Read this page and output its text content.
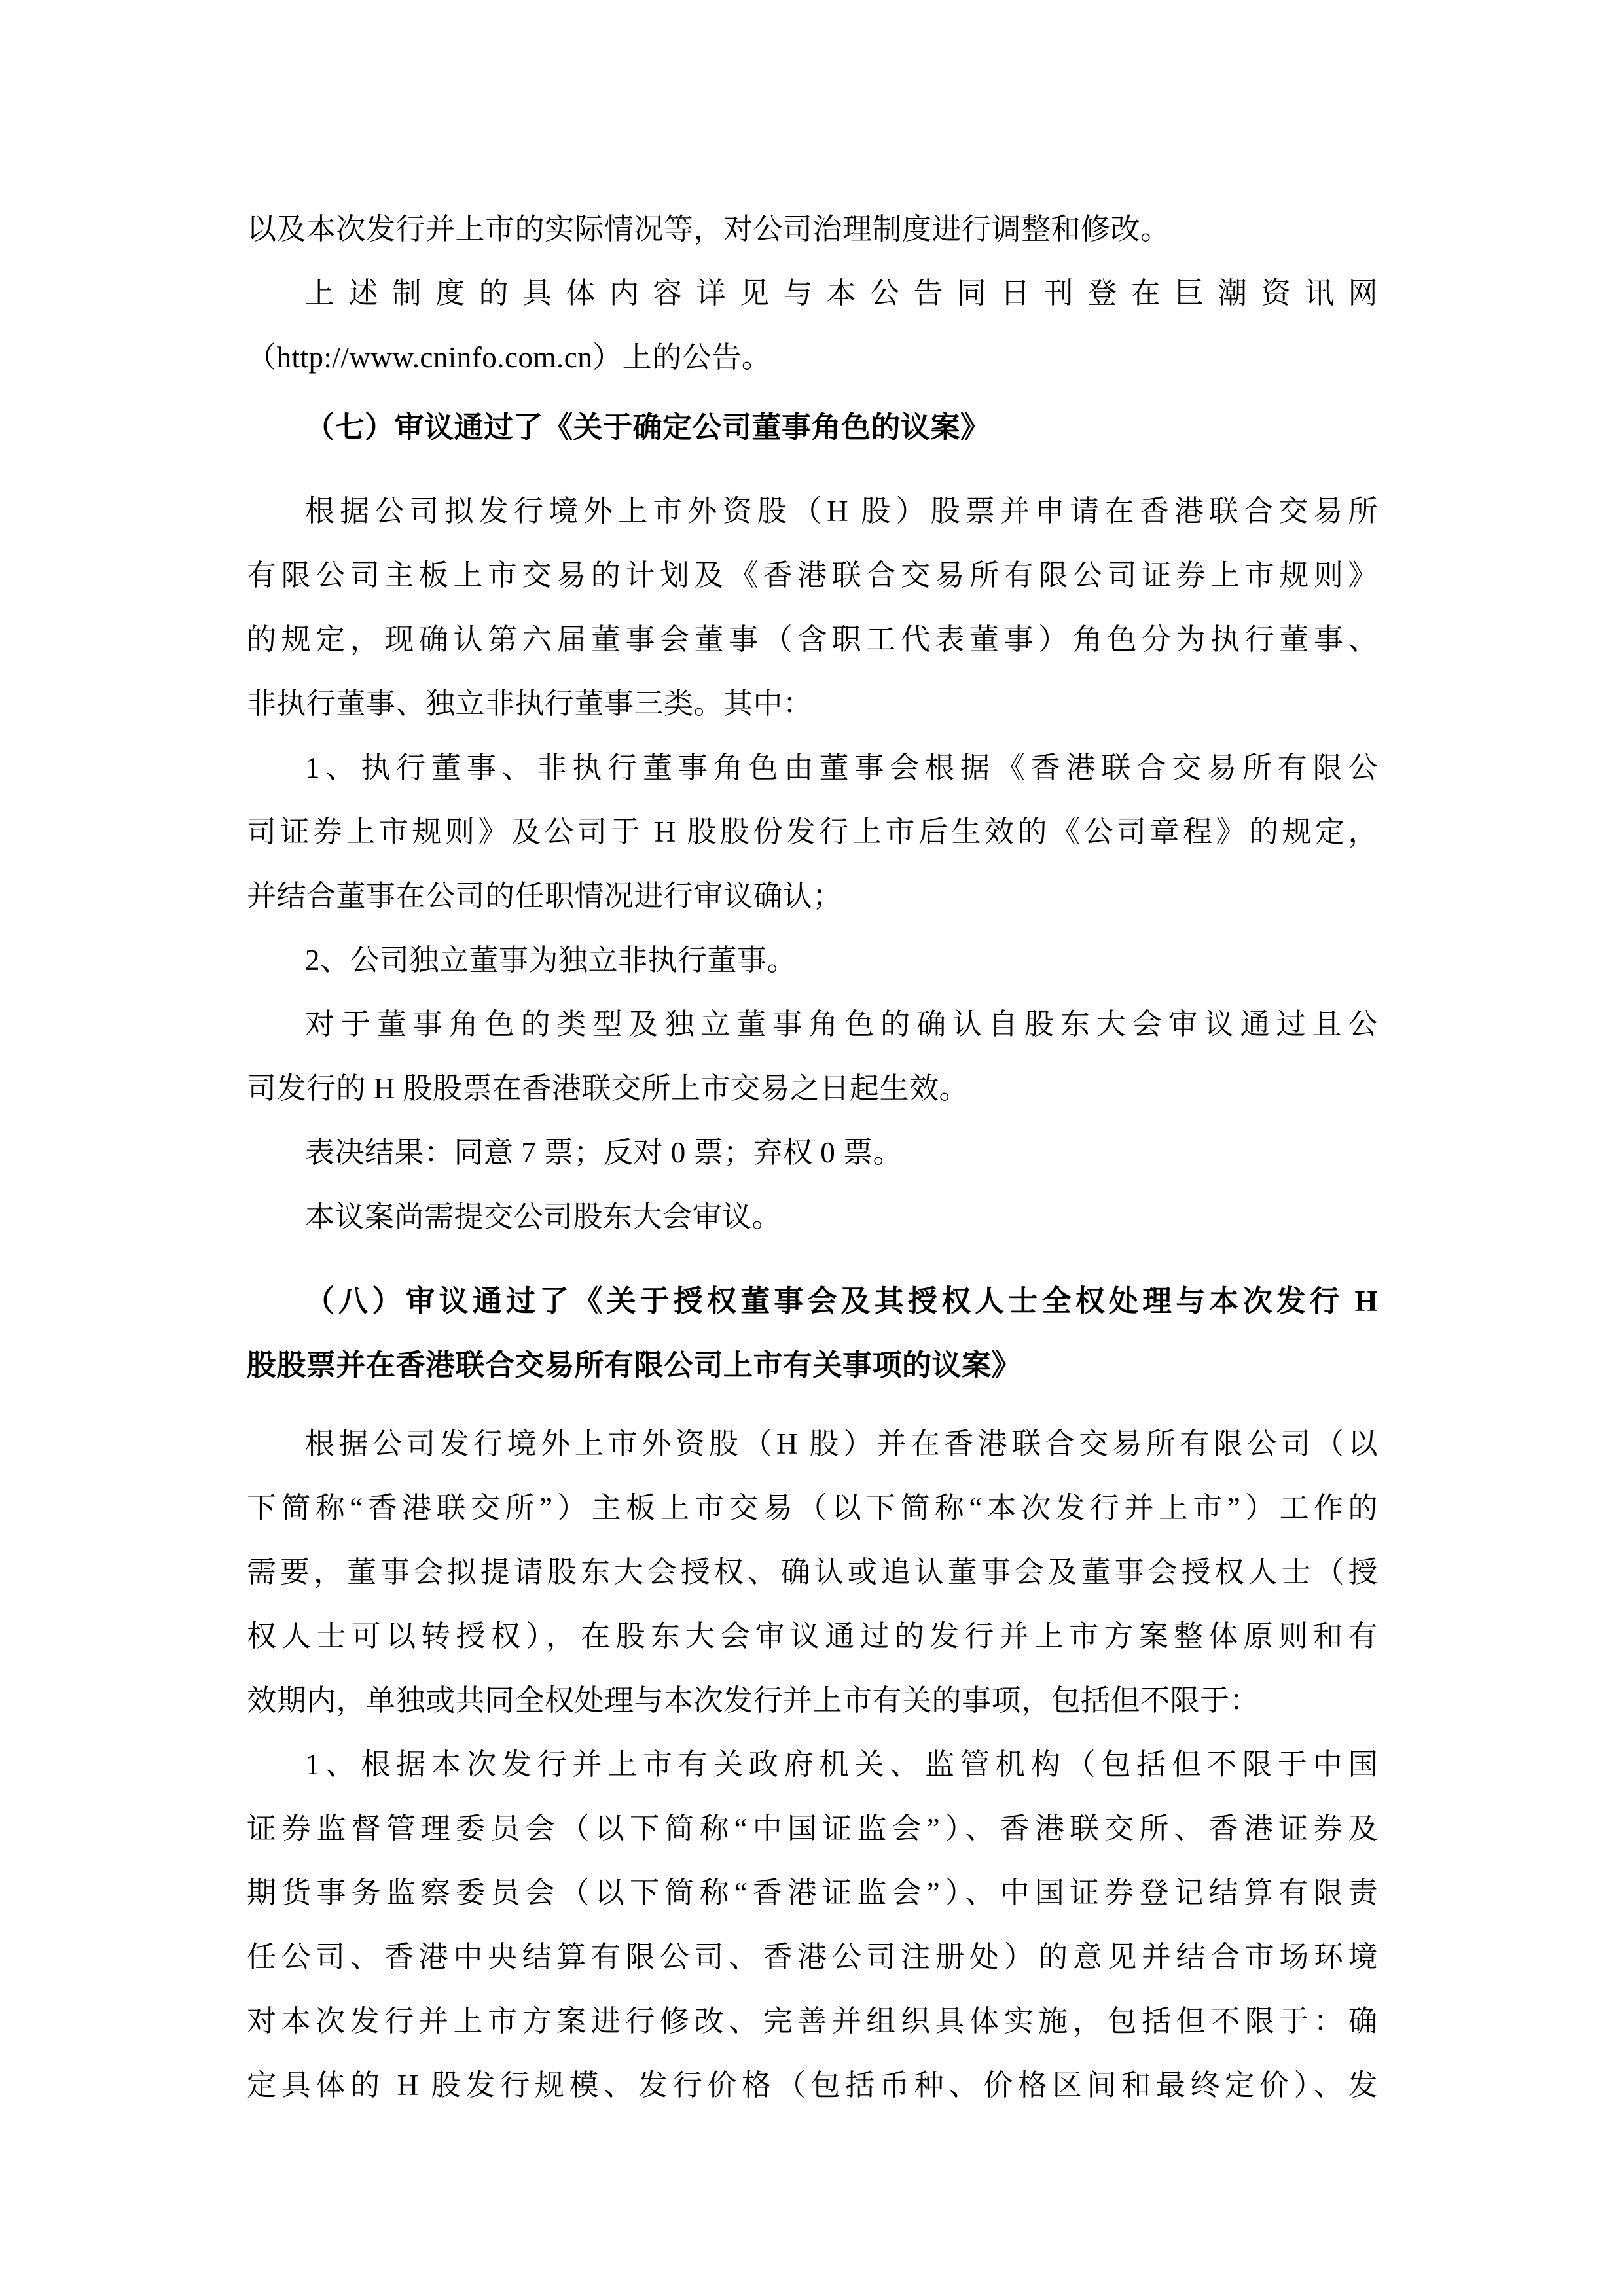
以及本次发行并上市的实际情况等，对公司治理制度进行调整和修改。
上述制度的具体内容详见与本公告同日刊登在巨潮资讯网
（http://www.cninfo.com.cn）上的公告。
（七）审议通过了《关于确定公司董事角色的议案》
根据公司拟发行境外上市外资股（H 股）股票并申请在香港联合交易所
有限公司主板上市交易的计划及《香港联合交易所有限公司证券上市规则》
的规定，现确认第六届董事会董事（含职工代表董事）角色分为执行董事、
非执行董事、独立非执行董事三类。其中：
1、执行董事、非执行董事角色由董事会根据《香港联合交易所有限公
司证券上市规则》及公司于 H 股股份发行上市后生效的《公司章程》的规定，
并结合董事在公司的任职情况进行审议确认；
2、公司独立董事为独立非执行董事。
对于董事角色的类型及独立董事角色的确认自股东大会审议通过且公
司发行的 H 股股票在香港联交所上市交易之日起生效。
表决结果：同意 7 票；反对 0 票；弃权 0 票。
本议案尚需提交公司股东大会审议。
（八）审议通过了《关于授权董事会及其授权人士全权处理与本次发行 H
股股票并在香港联合交易所有限公司上市有关事项的议案》
根据公司发行境外上市外资股（H 股）并在香港联合交易所有限公司（以
下简称“香港联交所”）主板上市交易（以下简称“本次发行并上市”）工作的
需要，董事会拟提请股东大会授权、确认或追认董事会及董事会授权人士（授
权人士可以转授权），在股东大会审议通过的发行并上市方案整体原则和有
效期内，单独或共同全权处理与本次发行并上市有关的事项，包括但不限于：
1、根据本次发行并上市有关政府机关、监管机构（包括但不限于中国
证券监督管理委员会（以下简称“中国证监会”）、香港联交所、香港证券及
期货事务监察委员会（以下简称“香港证监会”）、中国证券登记结算有限责
任公司、香港中央结算有限公司、香港公司注册处）的意见并结合市场环境
对本次发行并上市方案进行修改、完善并组织具体实施，包括但不限于：确
定具体的 H 股发行规模、发行价格（包括币种、价格区间和最终定价）、发
